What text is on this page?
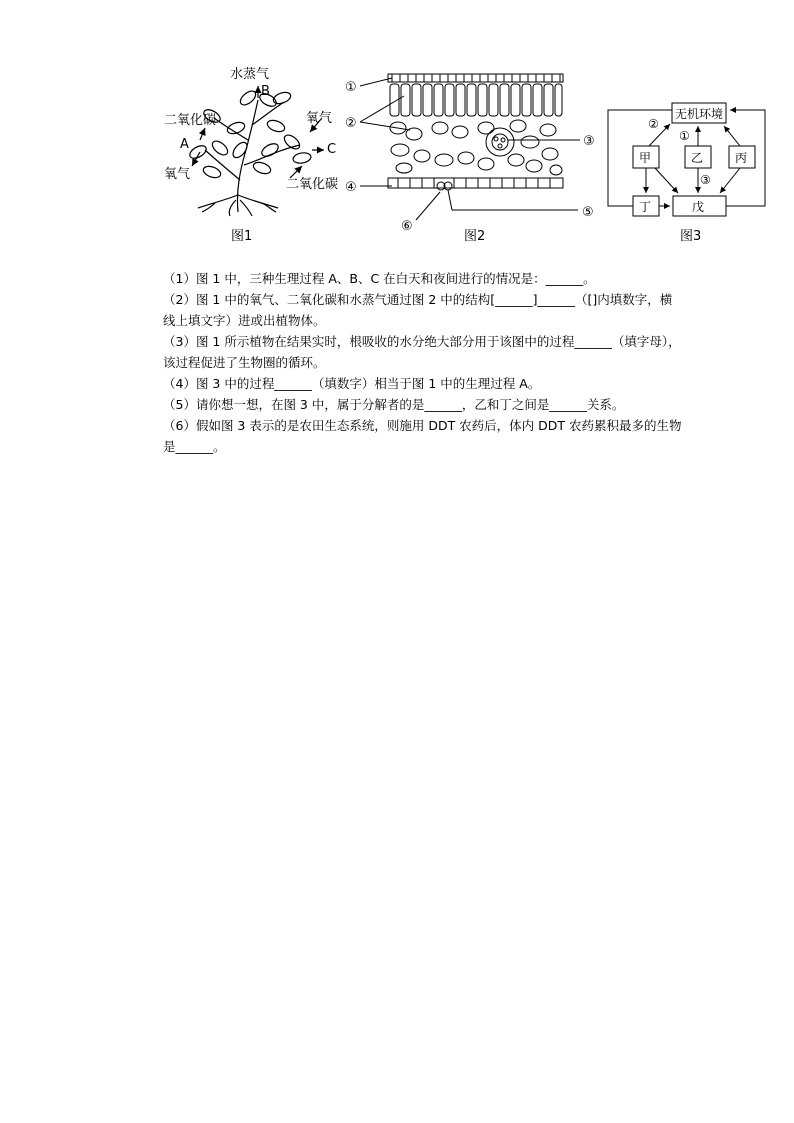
水蒸气
B
二氧化碳
A
氧气
氧气
C
二氧化碳
图1
①
②
③
④
⑤
⑥
图2
无机环境
甲	乙	丙
丁	戊
②
①
③
图3

（1）图 1 中，三种生理过程 A、B、C 在白天和夜间进行的情况是：______。

（2）图 1 中的氧气、二氧化碳和水蒸气通过图 2 中的结构[______]______（[]内填数字，横线上填文字）进或出植物体。

（3）图 1 所示植物在结果实时，根吸收的水分绝大部分用于该图中的过程______（填字母），该过程促进了生物圈的循环。

（4）图 3 中的过程______（填数字）相当于图 1 中的生理过程 A。

（5）请你想一想，在图 3 中，属于分解者的是______，乙和丁之间是______关系。

（6）假如图 3 表示的是农田生态系统，则施用 DDT 农药后，体内 DDT 农药累积最多的生物是______。
